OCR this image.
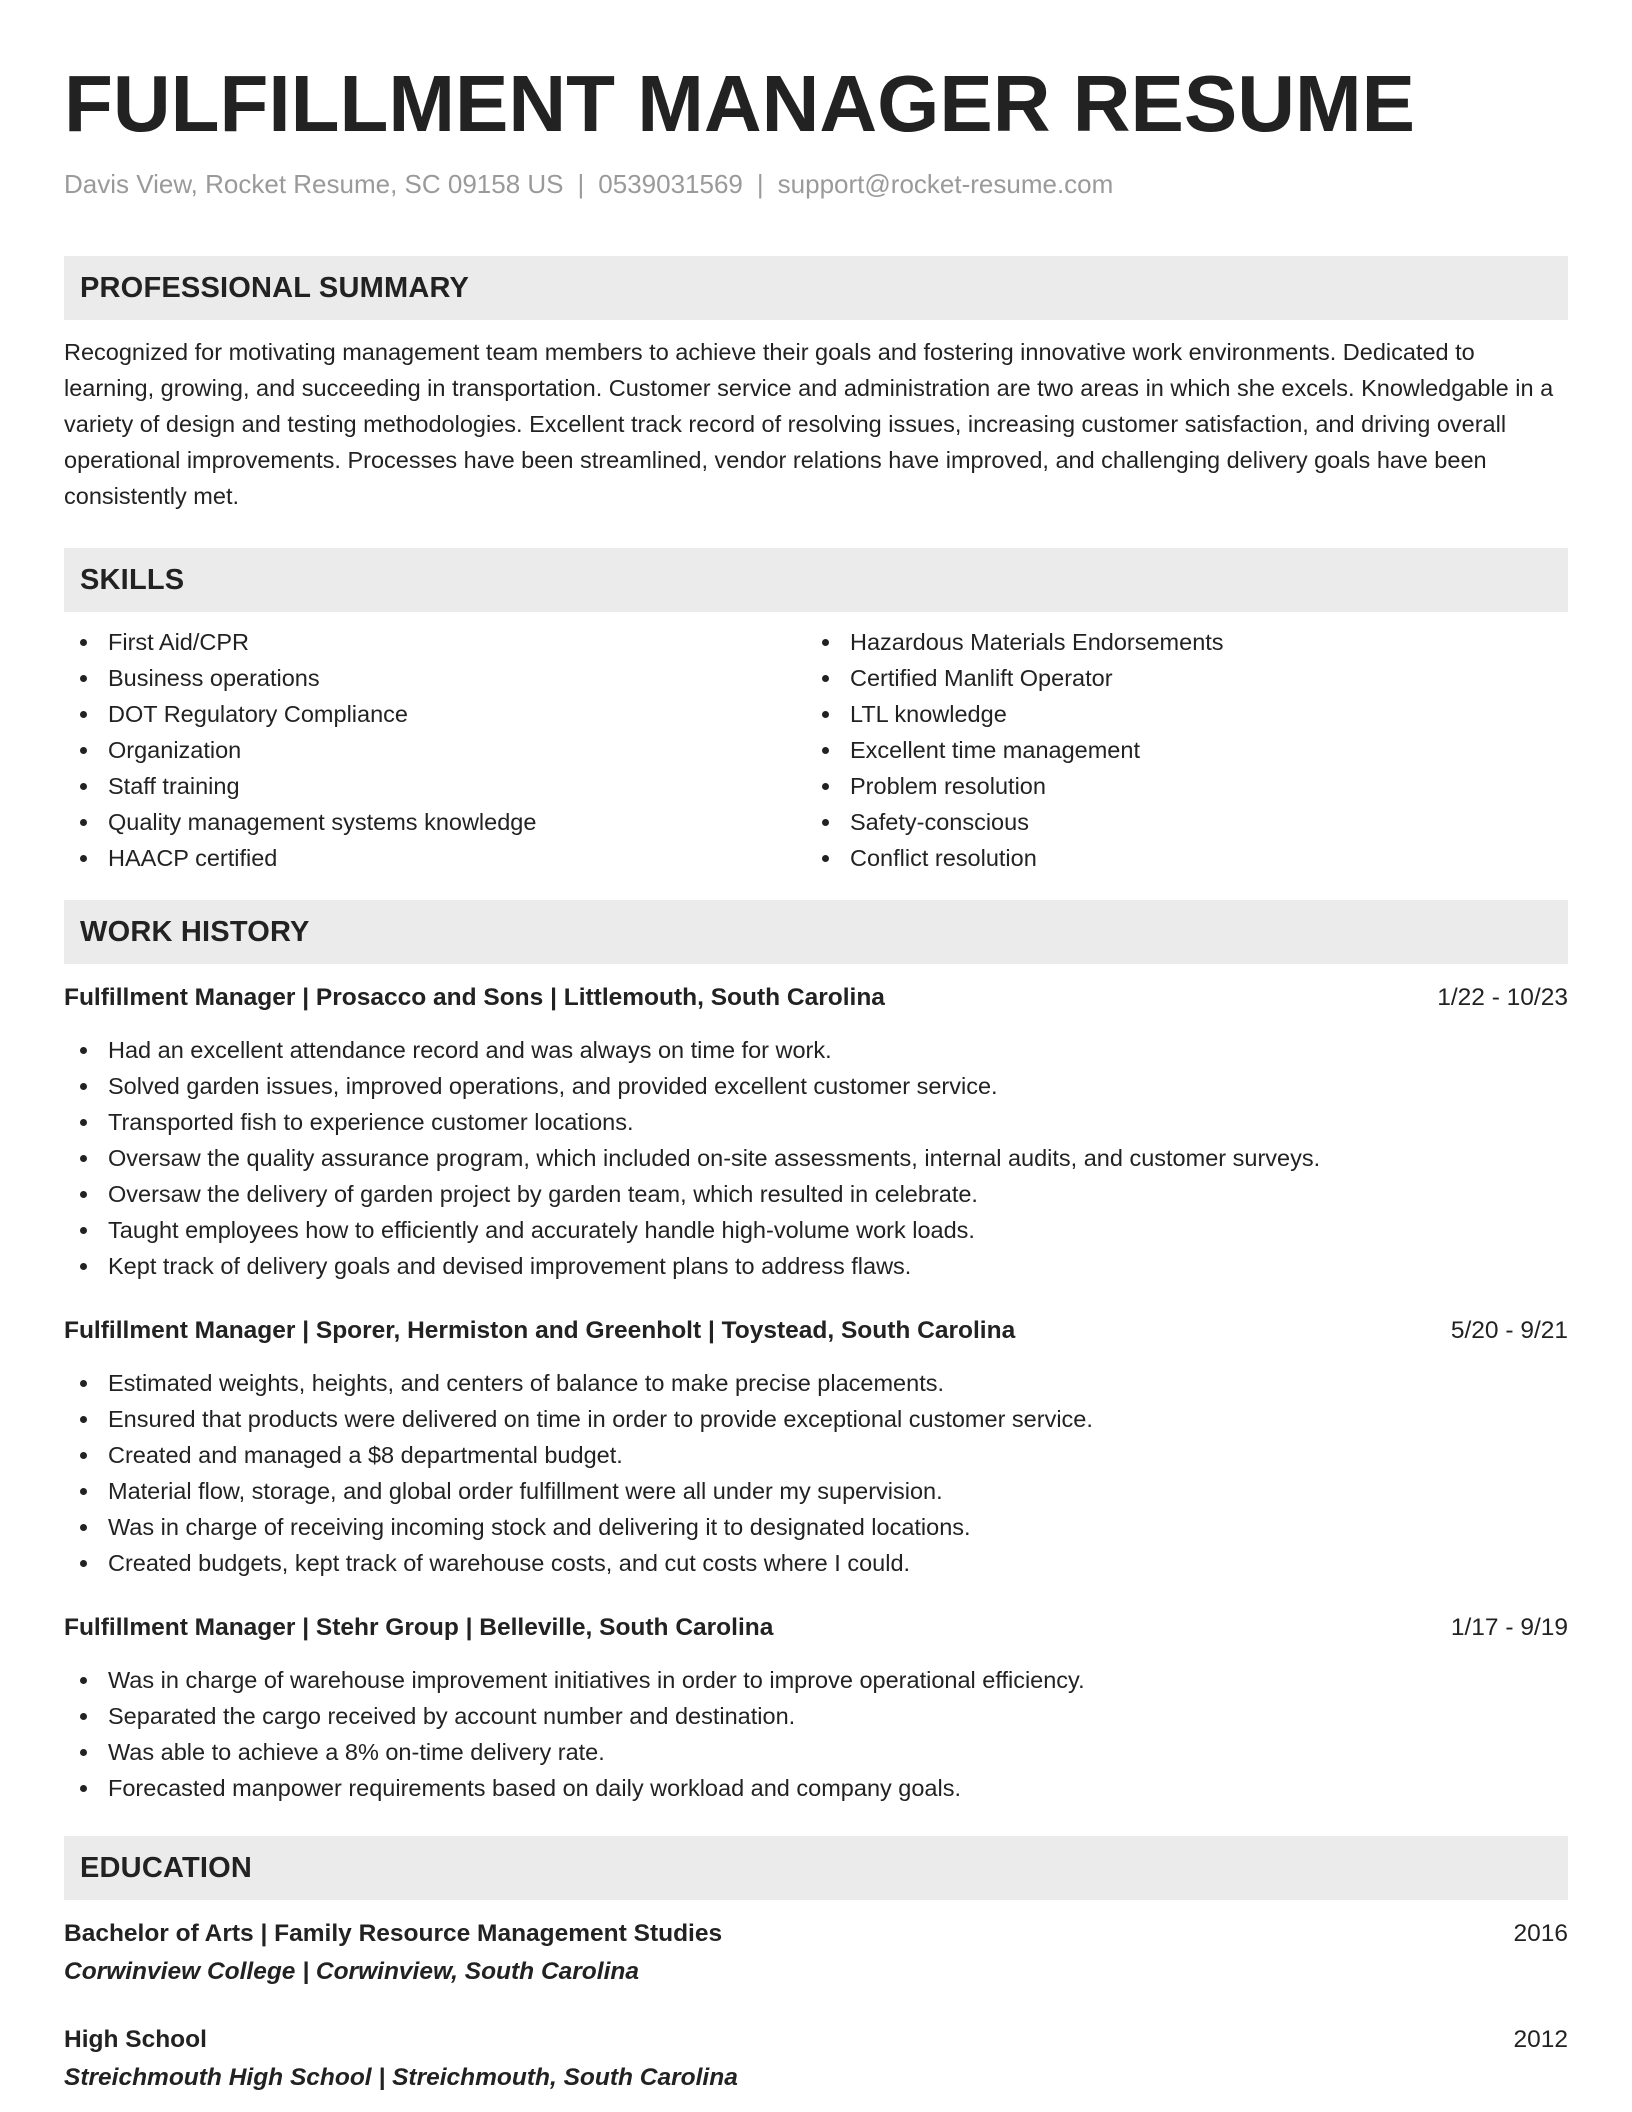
FULFILLMENT MANAGER RESUME
Davis View, Rocket Resume, SC 09158 US | 0539031569 | support@rocket-resume.com
PROFESSIONAL SUMMARY
Recognized for motivating management team members to achieve their goals and fostering innovative work environments. Dedicated to learning, growing, and succeeding in transportation. Customer service and administration are two areas in which she excels. Knowledgable in a variety of design and testing methodologies. Excellent track record of resolving issues, increasing customer satisfaction, and driving overall operational improvements. Processes have been streamlined, vendor relations have improved, and challenging delivery goals have been consistently met.
SKILLS
First Aid/CPR
Business operations
DOT Regulatory Compliance
Organization
Staff training
Quality management systems knowledge
HAACP certified
Hazardous Materials Endorsements
Certified Manlift Operator
LTL knowledge
Excellent time management
Problem resolution
Safety-conscious
Conflict resolution
WORK HISTORY
Fulfillment Manager | Prosacco and Sons | Littlemouth, South Carolina	1/22 - 10/23
Had an excellent attendance record and was always on time for work.
Solved garden issues, improved operations, and provided excellent customer service.
Transported fish to experience customer locations.
Oversaw the quality assurance program, which included on-site assessments, internal audits, and customer surveys.
Oversaw the delivery of garden project by garden team, which resulted in celebrate.
Taught employees how to efficiently and accurately handle high-volume work loads.
Kept track of delivery goals and devised improvement plans to address flaws.
Fulfillment Manager | Sporer, Hermiston and Greenholt | Toystead, South Carolina	5/20 - 9/21
Estimated weights, heights, and centers of balance to make precise placements.
Ensured that products were delivered on time in order to provide exceptional customer service.
Created and managed a $8 departmental budget.
Material flow, storage, and global order fulfillment were all under my supervision.
Was in charge of receiving incoming stock and delivering it to designated locations.
Created budgets, kept track of warehouse costs, and cut costs where I could.
Fulfillment Manager | Stehr Group | Belleville, South Carolina	1/17 - 9/19
Was in charge of warehouse improvement initiatives in order to improve operational efficiency.
Separated the cargo received by account number and destination.
Was able to achieve a 8% on-time delivery rate.
Forecasted manpower requirements based on daily workload and company goals.
EDUCATION
Bachelor of Arts | Family Resource Management Studies	2016
Corwinview College | Corwinview, South Carolina
High School	2012
Streichmouth High School | Streichmouth, South Carolina
